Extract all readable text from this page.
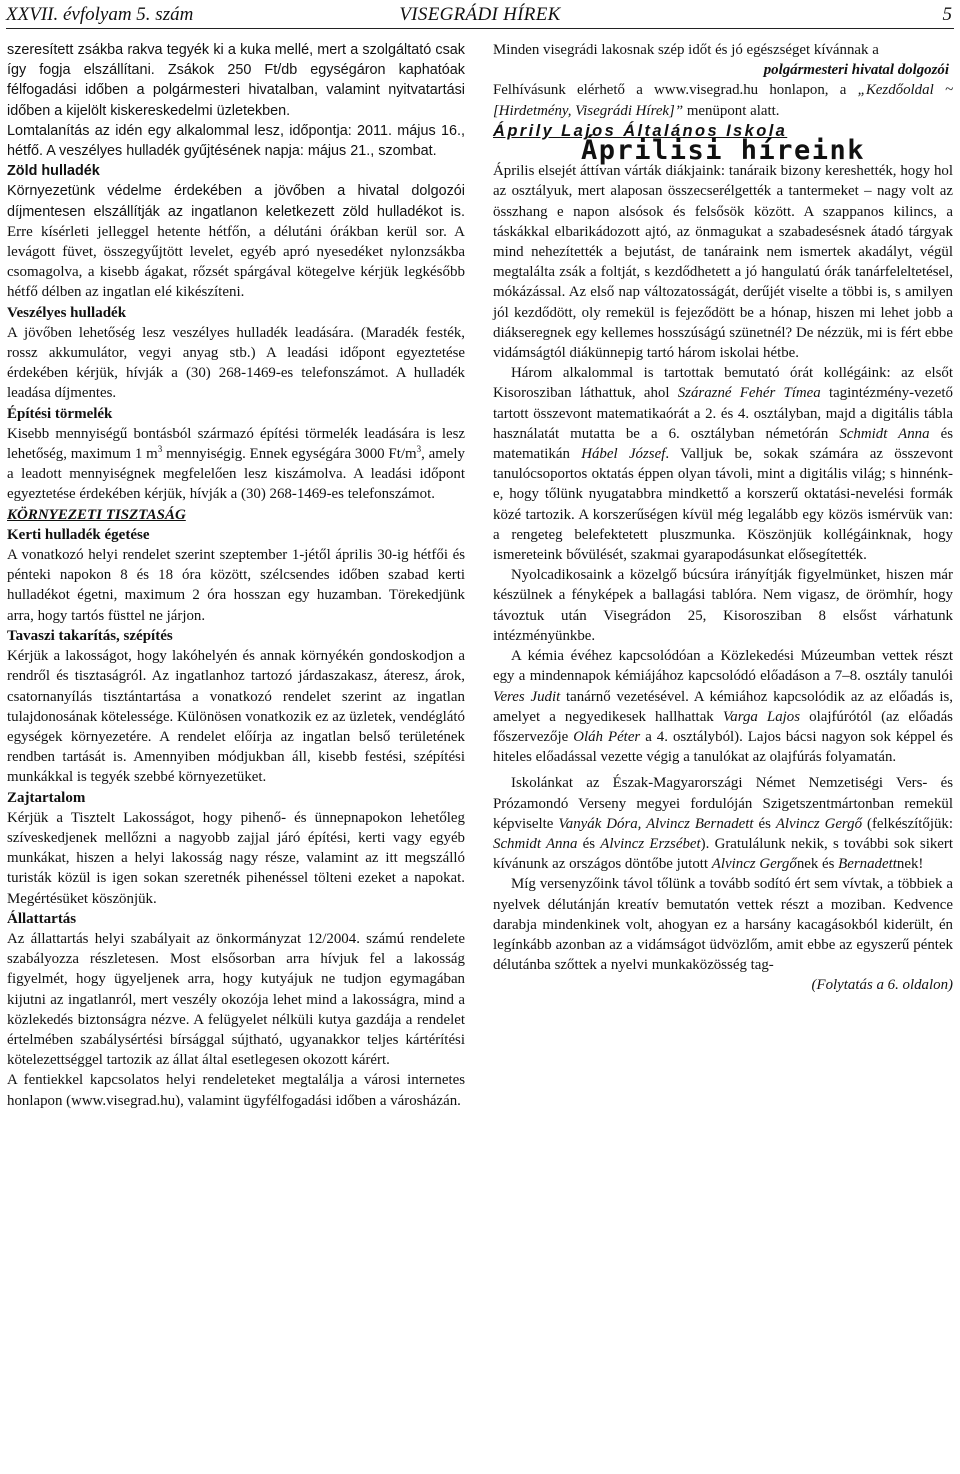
XXVII. évfolyam 5. szám	VISEGRÁDI HÍREK	5

szeresített zsákba rakva tegyék ki a kuka mellé, mert a szolgáltató csak így fogja elszállítani. Zsákok 250 Ft/db egységáron kaphatóak félfogadási időben a polgármesteri hivatalban, valamint nyitvatartási időben a kijelölt kiskereskedelmi üzletekben.

Lomtalanítás az idén egy alkalommal lesz, időpontja: 2011. május 16., hétfő. A veszélyes hulladék gyűjtésének napja: május 21., szombat.

Zöld hulladék

Környezetünk védelme érdekében a jövőben a hivatal dolgozói díjmentesen elszállítják az ingatlanon keletkezett zöld hulladékot is. Erre kísérleti jelleggel hetente hétfőn, a délutáni órákban kerül sor. A levágott füvet, összegyűjtött levelet, egyéb apró nyesedéket nylonzsákba csomagolva, a kisebb ágakat, rőzsét spárgával kötegelve kérjük legkésőbb hétfő délben az ingatlan elé kikészíteni.

Veszélyes hulladék

A jövőben lehetőség lesz veszélyes hulladék leadására. (Maradék festék, rossz akkumulátor, vegyi anyag stb.) A leadási időpont egyeztetése érdekében kérjük, hívják a (30) 268-1469-es telefonszámot. A hulladék leadása díjmentes.

Építési törmelék

Kisebb mennyiségű bontásból származó építési törmelék leadására is lesz lehetőség, maximum 1 $m^3$ mennyiségig. Ennek egységára 3000 $Ft/m^3$, amely a leadott mennyiségnek megfelelően lesz kiszámolva. A leadási időpont egyeztetése érdekében kérjük, hívják a (30) 268-1469-es telefonszámot.

KÖRNYEZETI TISZTASÁG

Kerti hulladék égetése

A vonatkozó helyi rendelet szerint szeptember 1-jétől április 30-ig hétfői és pénteki napokon 8 és 18 óra között, szélcsendes időben szabad kerti hulladékot égetni, maximum 2 óra hosszan egy huzamban. Törekedjünk arra, hogy tartós füsttel ne járjon.

Tavaszi takarítás, szépítés

Kérjük a lakosságot, hogy lakóhelyén és annak környékén gondoskodjon a rendről és tisztaságról. Az ingatlanhoz tartozó járdaszakasz, áteresz, árok, csatornanyílás tisztántartása a vonatkozó rendelet szerint az ingatlan tulajdonosának kötelessége. Különösen vonatkozik ez az üzletek, vendéglátó egységek környezetére. A rendelet előírja az ingatlan belső területének rendben tartását is. Amennyiben módjukban áll, kisebb festési, szépítési munkákkal is tegyék szebbé környezetüket.

Zajtartalom

Kérjük a Tisztelt Lakosságot, hogy pihenő- és ünnepnapokon lehetőleg szíveskedjenek mellőzni a nagyobb zajjal járó építési, kerti vagy egyéb munkákat, hiszen a helyi lakosság nagy része, valamint az itt megszálló turisták közül is igen sokan szeretnék pihenéssel tölteni ezeket a napokat. Megértésüket köszönjük.

Állattartás

Az állattartás helyi szabályait az önkormányzat 12/2004. számú rendelete szabályozza részletesen. Most elsősorban arra hívjuk fel a lakosság figyelmét, hogy ügyeljenek arra, hogy kutyájuk ne tudjon egymagában kijutni az ingatlanról, mert veszély okozója lehet mind a lakosságra, mind a közlekedés biztonságra nézve. A felügyelet nélküli kutya gazdája a rendelet értelmében szabálysértési bírsággal sújtható, ugyanakkor teljes kártérítési kötelezettséggel tartozik az állat által esetlegesen okozott kárért.

A fentiekkel kapcsolatos helyi rendeleteket megtalálja a városi internetes honlapon (www.visegrad.hu), valamint ügyfélfogadási időben a városházán.

Minden visegrádi lakosnak szép időt és jó egészséget kívánnak a

polgármesteri hivatal dolgozói

Felhívásunk elérhető a www.visegrad.hu honlapon, a „Kezdőoldal ~ [Hirdetmény, Visegrádi Hírek]” menüpont alatt.

Áprily Lajos Általános Iskola

Áprilisi híreink

Április elsejét áttívan várták diákjaink: tanáraik bizony kereshették, hogy hol az osztályuk, mert alaposan összecserélgették a tantermeket – nagy volt az összhang e napon alsósok és felsősök között. A szappanos kilincs, a táskákkal elbarikádozott ajtó, az önmagukat a szabadesésnek átadó tárgyak mind nehezítették a bejutást, de tanáraink nem ismertek akadályt, végül megtalálta zsák a foltját, s kezdődhetett a jó hangulatú órák tanárfeleltetésel, mókázással. Az első nap változatosságát, derűjét viselte a többi is, s amilyen jól kezdődött, oly remekül is fejeződött be a hónap, hiszen mi lehet jobb a diákseregnek egy kellemes hosszúságú szünetnél? De nézzük, mi is fért ebbe vidámságtól diákünnepig tartó három iskolai hétbe.

Három alkalommal is tartottak bemutató órát kollégáink: az elsőt Kisorosziban láthattuk, ahol Szárazné Fehér Tímea tagintézmény-vezető tartott összevont matematikaórát a 2. és 4. osztályban, majd a digitális tábla használatát mutatta be a 6. osztályban németórán Schmidt Anna és matematikán Hábel József. Valljuk be, sokak számára az összevont tanulócsoportos oktatás éppen olyan távoli, mint a digitális világ; s hinnénk-e, hogy tőlünk nyugatabbra mindkettő a korszerű oktatási-nevelési formák közé tartozik. A korszerűségen kívül még legalább egy közös ismérvük van: a rengeteg belefektetett pluszmunka. Köszönjük kollégáinknak, hogy ismereteink bővülését, szakmai gyarapodásunkat elősegítették.

Nyolcadikosaink a közelgő búcsúra irányítják figyelmünket, hiszen már készülnek a fényképek a ballagási tablóra. Nem vigasz, de örömhír, hogy távoztuk után Visegrádon 25, Kisorosziban 8 elsőst várhatunk intézményünkbe.

A kémia évéhez kapcsolódóan a Közlekedési Múzeumban vettek részt egy a mindennapok kémiájához kapcsolódó előadáson a 7–8. osztály tanulói Veres Judit tanárnő vezetésével. A kémiához kapcsolódik az az előadás is, amelyet a negyedikesek hallhattak Varga Lajos olajfúrótól (az előadás főszervezője Oláh Péter a 4. osztályból). Lajos bácsi nagyon sok képpel és hiteles előadással vezette végig a tanulókat az olajfúrás folyamatán.

Iskolánkat az Észak-Magyarországi Német Nemzetiségi Vers- és Prózamondó Verseny megyei fordulóján Szigetszentmártonban remekül képviselte Vanyák Dóra, Alvincz Bernadett és Alvincz Gergő (felkészítőjük: Schmidt Anna és Alvincz Erzsébet). Gratulálunk nekik, s további sok sikert kívánunk az országos döntőbe jutott Alvincz Gergőnek és Bernadettnek!

Míg versenyzőink távol tőlünk a tovább sodító ért sem vívtak, a többiek a nyelvek délutánján kreatív bemutatón vettek részt a moziban. Kedvence darabja mindenkinek volt, ahogyan ez a harsány kacagásokból kiderült, én legínkább azonban az a vidámságot üdvözlőm, amit ebbe az egyszerű péntek délutánba szőttek a nyelvi munkaközösség tag-

(Folytatás a 6. oldalon)
